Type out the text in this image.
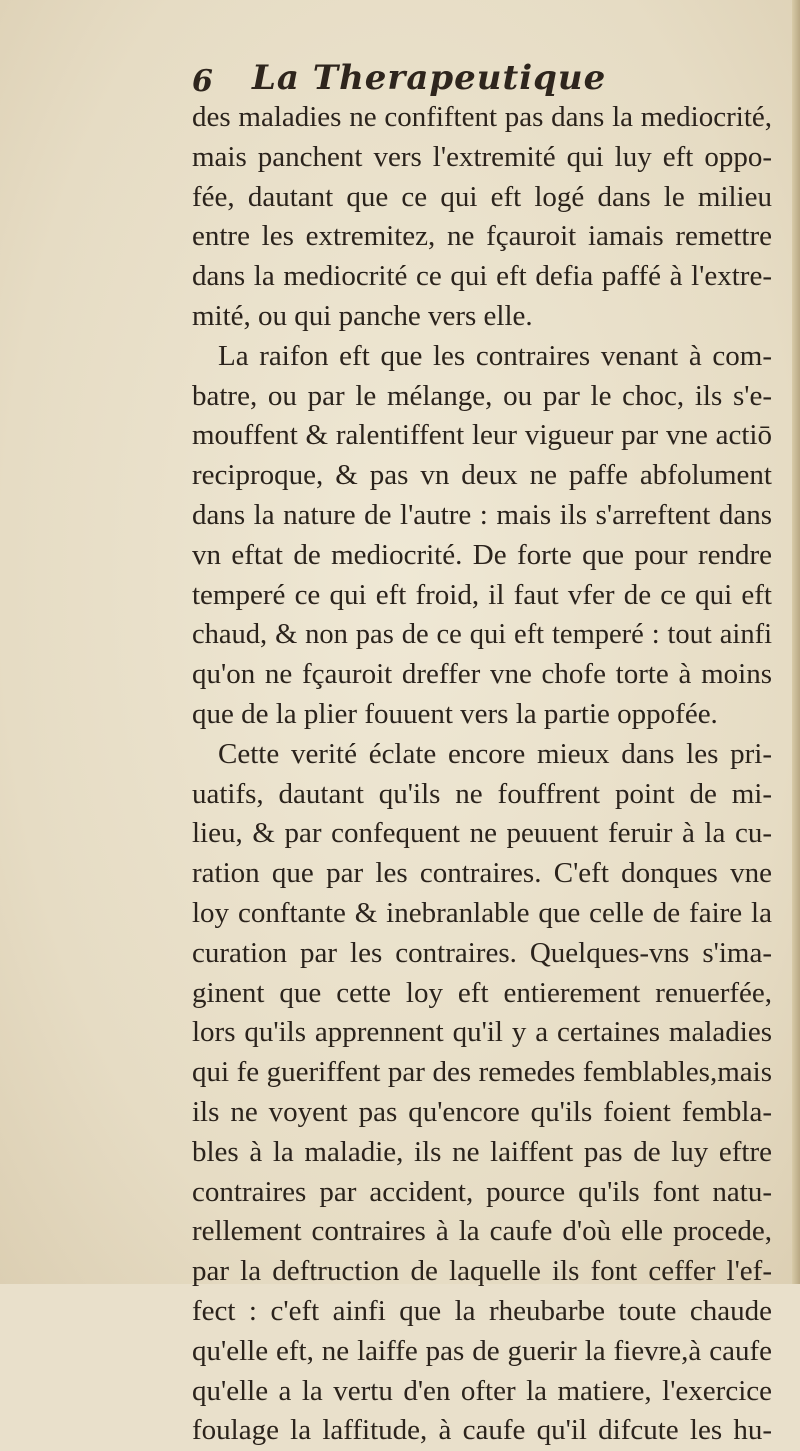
6 La Therapeutique
des maladies ne confiftent pas dans la mediocrité,
mais panchent vers l'extremité qui luy eft oppo-
fée, dautant que ce qui eft logé dans le milieu
entre les extremitez, ne fçauroit iamais remettre
dans la mediocrité ce qui eft defia paffé à l'extre-
mité, ou qui panche vers elle.
La raifon eft que les contraires venant à com-
batre, ou par le mélange, ou par le choc, ils s'e-
mouffent & ralentiffent leur vigueur par vne actiō
reciproque, & pas vn deux ne paffe abfolument
dans la nature de l'autre : mais ils s'arreftent dans
vn eftat de mediocrité. De forte que pour rendre
temperé ce qui eft froid, il faut vfer de ce qui eft
chaud, & non pas de ce qui eft temperé : tout ainfi
qu'on ne fçauroit dreffer vne chofe torte à moins
que de la plier fouuent vers la partie oppofée.
Cette verité éclate encore mieux dans les pri-
uatifs, dautant qu'ils ne fouffrent point de mi-
lieu, & par confequent ne peuuent feruir à la cu-
ration que par les contraires. C'eft donques vne
loy conftante & inebranlable que celle de faire la
curation par les contraires. Quelques-vns s'ima-
ginent que cette loy eft entierement renuerfée,
lors qu'ils apprennent qu'il y a certaines maladies
qui fe gueriffent par des remedes femblables,mais
ils ne voyent pas qu'encore qu'ils foient fembla-
bles à la maladie, ils ne laiffent pas de luy eftre
contraires par accident, pource qu'ils font natu-
rellement contraires à la caufe d'où elle procede,
par la deftruction de laquelle ils font ceffer l'ef-
fect : c'eft ainfi que la rheubarbe toute chaude
qu'elle eft, ne laiffe pas de guerir la fievre,à caufe
qu'elle a la vertu d'en ofter la matiere, l'exercice
foulage la laffitude, à caufe qu'il difcute les hu-
